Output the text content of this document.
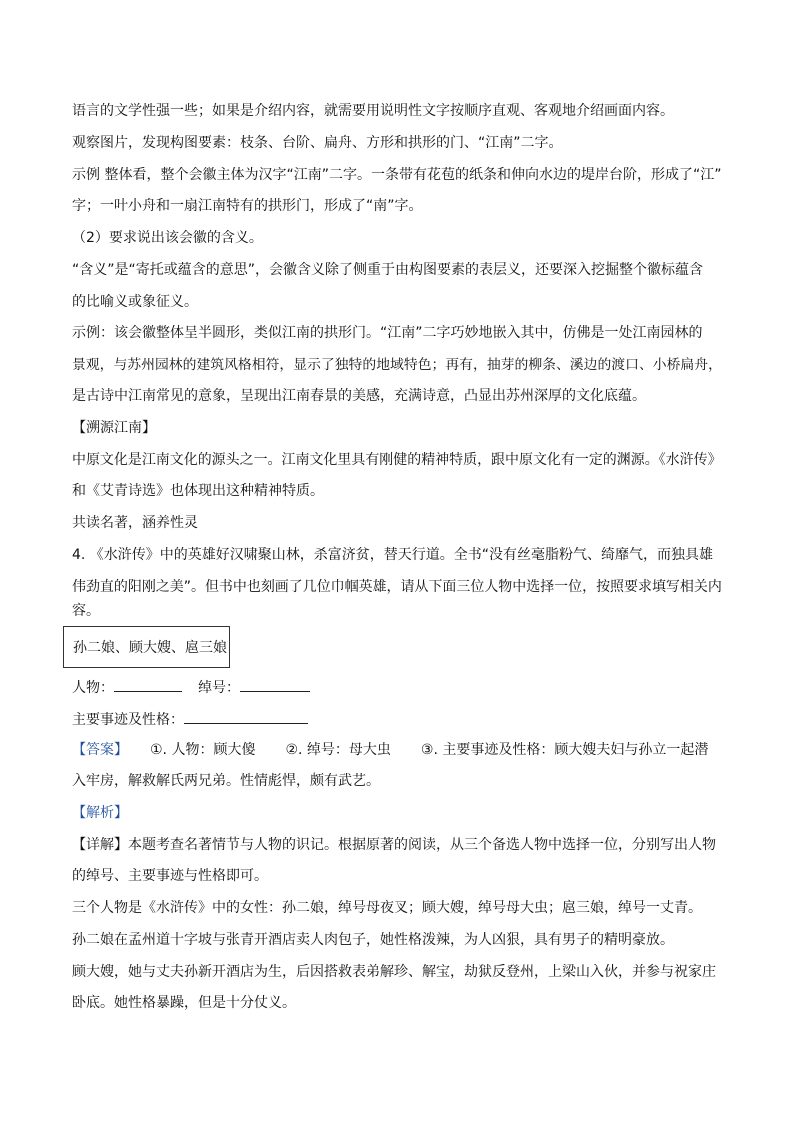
语言的文学性强一些；如果是介绍内容，就需要用说明性文字按顺序直观、客观地介绍画面内容。
观察图片，发现构图要素：枝条、台阶、扁舟、方形和拱形的门、“江南”二字。
示例 整体看，整个会徽主体为汉字“江南”二字。一条带有花苞的纸条和伸向水边的堤岸台阶，形成了“江”
字；一叶小舟和一扇江南特有的拱形门，形成了“南”字。
（2）要求说出该会徽的含义。
“含义”是“寄托或蕴含的意思”，会徽含义除了侧重于由构图要素的表层义，还要深入挖掘整个徽标蕴含
的比喻义或象征义。
示例：该会徽整体呈半圆形，类似江南的拱形门。“江南”二字巧妙地嵌入其中，仿佛是一处江南园林的
景观，与苏州园林的建筑风格相符，显示了独特的地域特色；再有，抽芽的柳条、溪边的渡口、小桥扁舟，
是古诗中江南常见的意象，呈现出江南春景的美感，充满诗意，凸显出苏州深厚的文化底蕴。
【溯源江南】
中原文化是江南文化的源头之一。江南文化里具有刚健的精神特质，跟中原文化有一定的渊源。《水浒传》
和《艾青诗选》也体现出这种精神特质。
共读名著，涵养性灵
4. 《水浒传》中的英雄好汉啸聚山林，杀富济贫，替天行道。全书“没有丝毫脂粉气、绮靡气，而独具雄
伟劲直的阳刚之美”。但书中也刻画了几位巾帼英雄，请从下面三位人物中选择一位，按照要求填写相关内
容。
孙二娘、顾大嫂、扈三娘
人物：	绰号：
主要事迹及性格：
【答案】 ①. 人物：顾大傻 ②. 绰号：母大虫 ③. 主要事迹及性格：顾大嫂夫妇与孙立一起潜
入牢房，解救解氏两兄弟。性情彪悍，颇有武艺。
【解析】
【详解】本题考查名著情节与人物的识记。根据原著的阅读，从三个备选人物中选择一位，分别写出人物
的绰号、主要事迹与性格即可。
三个人物是《水浒传》中的女性：孙二娘，绰号母夜叉；顾大嫂，绰号母大虫；扈三娘，绰号一丈青。
孙二娘在孟州道十字坡与张青开酒店卖人肉包子，她性格泼辣，为人凶狠，具有男子的精明豪放。
顾大嫂，她与丈夫孙新开酒店为生，后因搭救表弟解珍、解宝，劫狱反登州，上梁山入伙，并参与祝家庄
卧底。她性格暴躁，但是十分仗义。
